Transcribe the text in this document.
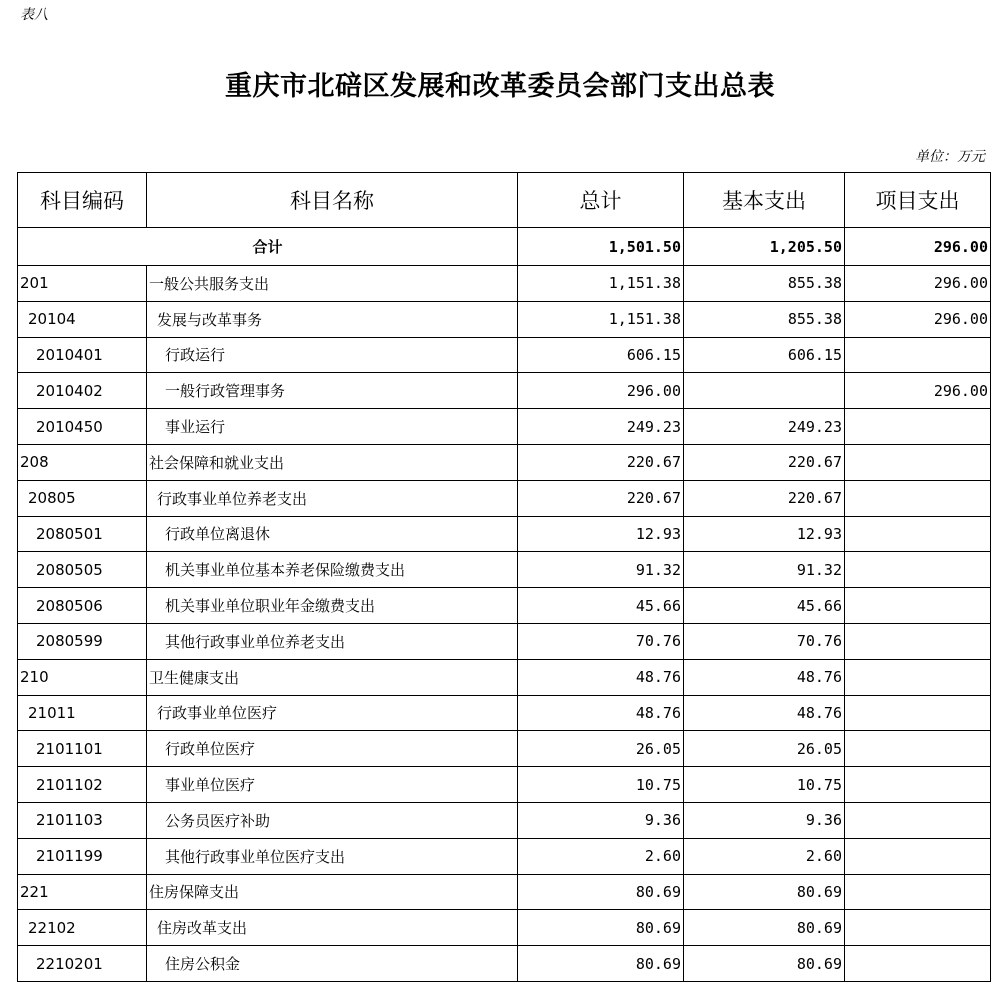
表八
重庆市北碚区发展和改革委员会部门支出总表
单位：万元
科目编码	科目名称	总计	基本支出	项目支出
合计		1,501.50	1,205.50	296.00
201	一般公共服务支出	1,151.38	855.38	296.00
20104	发展与改革事务	1,151.38	855.38	296.00
2010401	行政运行	606.15	606.15	
2010402	一般行政管理事务	296.00		296.00
2010450	事业运行	249.23	249.23	
208	社会保障和就业支出	220.67	220.67	
20805	行政事业单位养老支出	220.67	220.67	
2080501	行政单位离退休	12.93	12.93	
2080505	机关事业单位基本养老保险缴费支出	91.32	91.32	
2080506	机关事业单位职业年金缴费支出	45.66	45.66	
2080599	其他行政事业单位养老支出	70.76	70.76	
210	卫生健康支出	48.76	48.76	
21011	行政事业单位医疗	48.76	48.76	
2101101	行政单位医疗	26.05	26.05	
2101102	事业单位医疗	10.75	10.75	
2101103	公务员医疗补助	9.36	9.36	
2101199	其他行政事业单位医疗支出	2.60	2.60	
221	住房保障支出	80.69	80.69	
22102	住房改革支出	80.69	80.69	
2210201	住房公积金	80.69	80.69	
